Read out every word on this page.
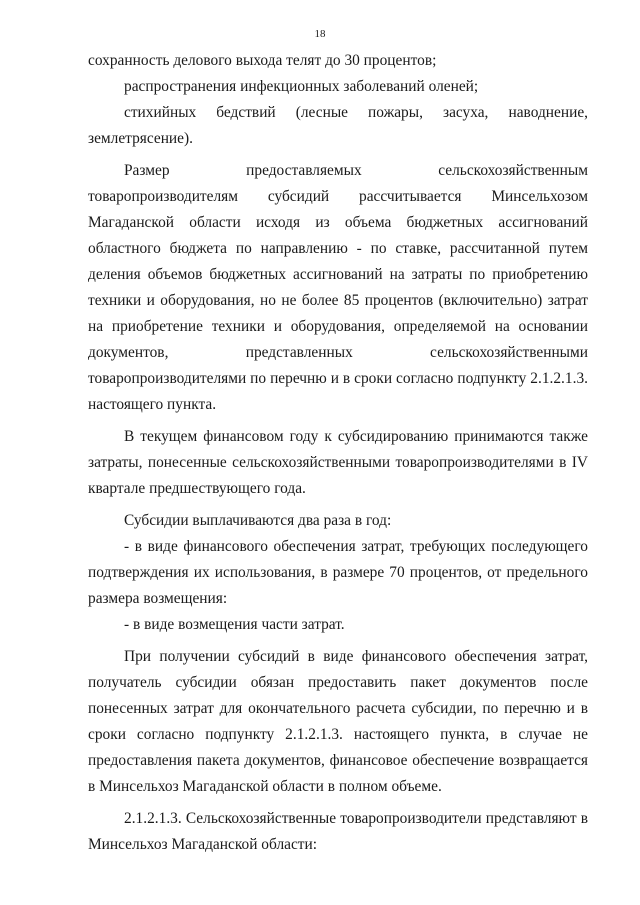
18

сохранность делового выхода телят до 30 процентов;

распространения инфекционных заболеваний оленей;

стихийных бедствий (лесные пожары, засуха, наводнение, землетрясение).

Размер предоставляемых сельскохозяйственным товаропроизводителям субсидий рассчитывается Минсельхозом Магаданской области исходя из объема бюджетных ассигнований областного бюджета по направлению - по ставке, рассчитанной путем деления объемов бюджетных ассигнований на затраты по приобретению техники и оборудования, но не более 85 процентов (включительно) затрат на приобретение техники и оборудования, определяемой на основании документов, представленных сельскохозяйственными товаропроизводителями по перечню и в сроки согласно подпункту 2.1.2.1.3. настоящего пункта.

В текущем финансовом году к субсидированию принимаются также затраты, понесенные сельскохозяйственными товаропроизводителями в IV квартале предшествующего года.

Субсидии выплачиваются два раза в год:

- в виде финансового обеспечения затрат, требующих последующего подтверждения их использования, в размере 70 процентов, от предельного размера возмещения:

- в виде возмещения части затрат.

При получении субсидий в виде финансового обеспечения затрат, получатель субсидии обязан предоставить пакет документов после понесенных затрат для окончательного расчета субсидии, по перечню и в сроки согласно подпункту 2.1.2.1.3. настоящего пункта, в случае не предоставления пакета документов, финансовое обеспечение возвращается в Минсельхоз Магаданской области в полном объеме.

2.1.2.1.3. Сельскохозяйственные товаропроизводители представляют в Минсельхоз Магаданской области:
